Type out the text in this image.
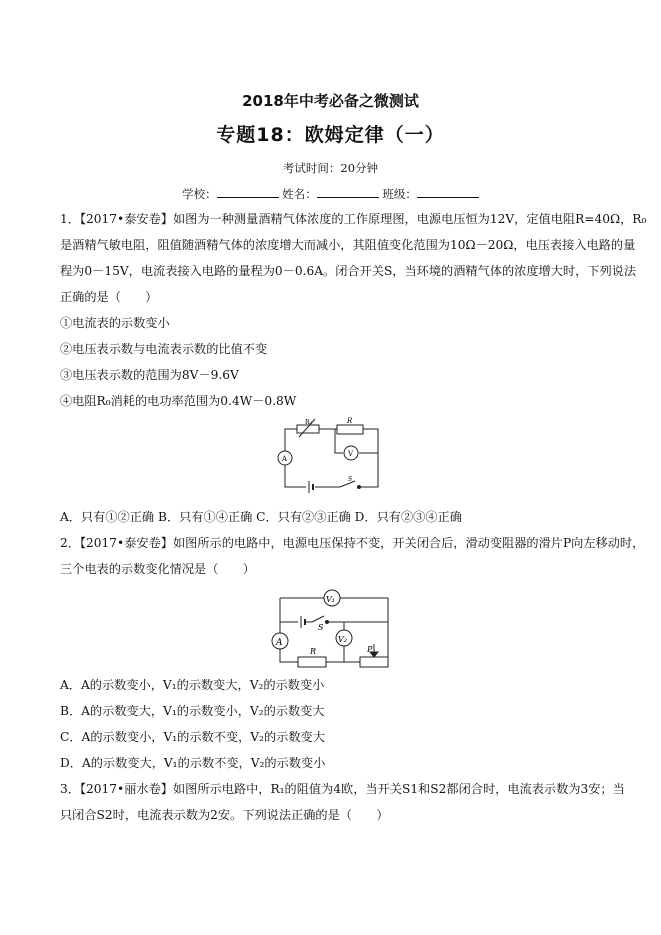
2018年中考必备之微测试
专题18：欧姆定律（一）
考试时间：20分钟
学校：	姓名：	班级：
1．【2017•泰安卷】如图为一种测量酒精气体浓度的工作原理图，电源电压恒为12V，定值电阻R=40Ω，R₀
是酒精气敏电阻，阻值随酒精气体的浓度增大而减小，其阻值变化范围为10Ω－20Ω，电压表接入电路的量
程为0－15V，电流表接入电路的量程为0－0.6A。闭合开关S，当环境的酒精气体的浓度增大时，下列说法
正确的是（　　）
①电流表的示数变小
②电压表示数与电流表示数的比值不变
③电压表示数的范围为8V－9.6V
④电阻R₀消耗的电功率范围为0.4W－0.8W
R₀	R
A
V
S
A．只有①②正确 B．只有①④正确 C．只有②③正确 D．只有②③④正确
2．【2017•泰安卷】如图所示的电路中，电源电压保持不变，开关闭合后，滑动变阻器的滑片P向左移动时，
三个电表的示数变化情况是（　　）
V₁
V₂
A
S
R	P
A．A的示数变小，V₁的示数变大，V₂的示数变小
B．A的示数变大，V₁的示数变小，V₂的示数变大
C．A的示数变小，V₁的示数不变，V₂的示数变大
D．A的示数变大，V₁的示数不变，V₂的示数变小
3．【2017•丽水卷】如图所示电路中，R₁的阻值为4欧，当开关S1和S2都闭合时，电流表示数为3安；当
只闭合S2时，电流表示数为2安。下列说法正确的是（　　）
